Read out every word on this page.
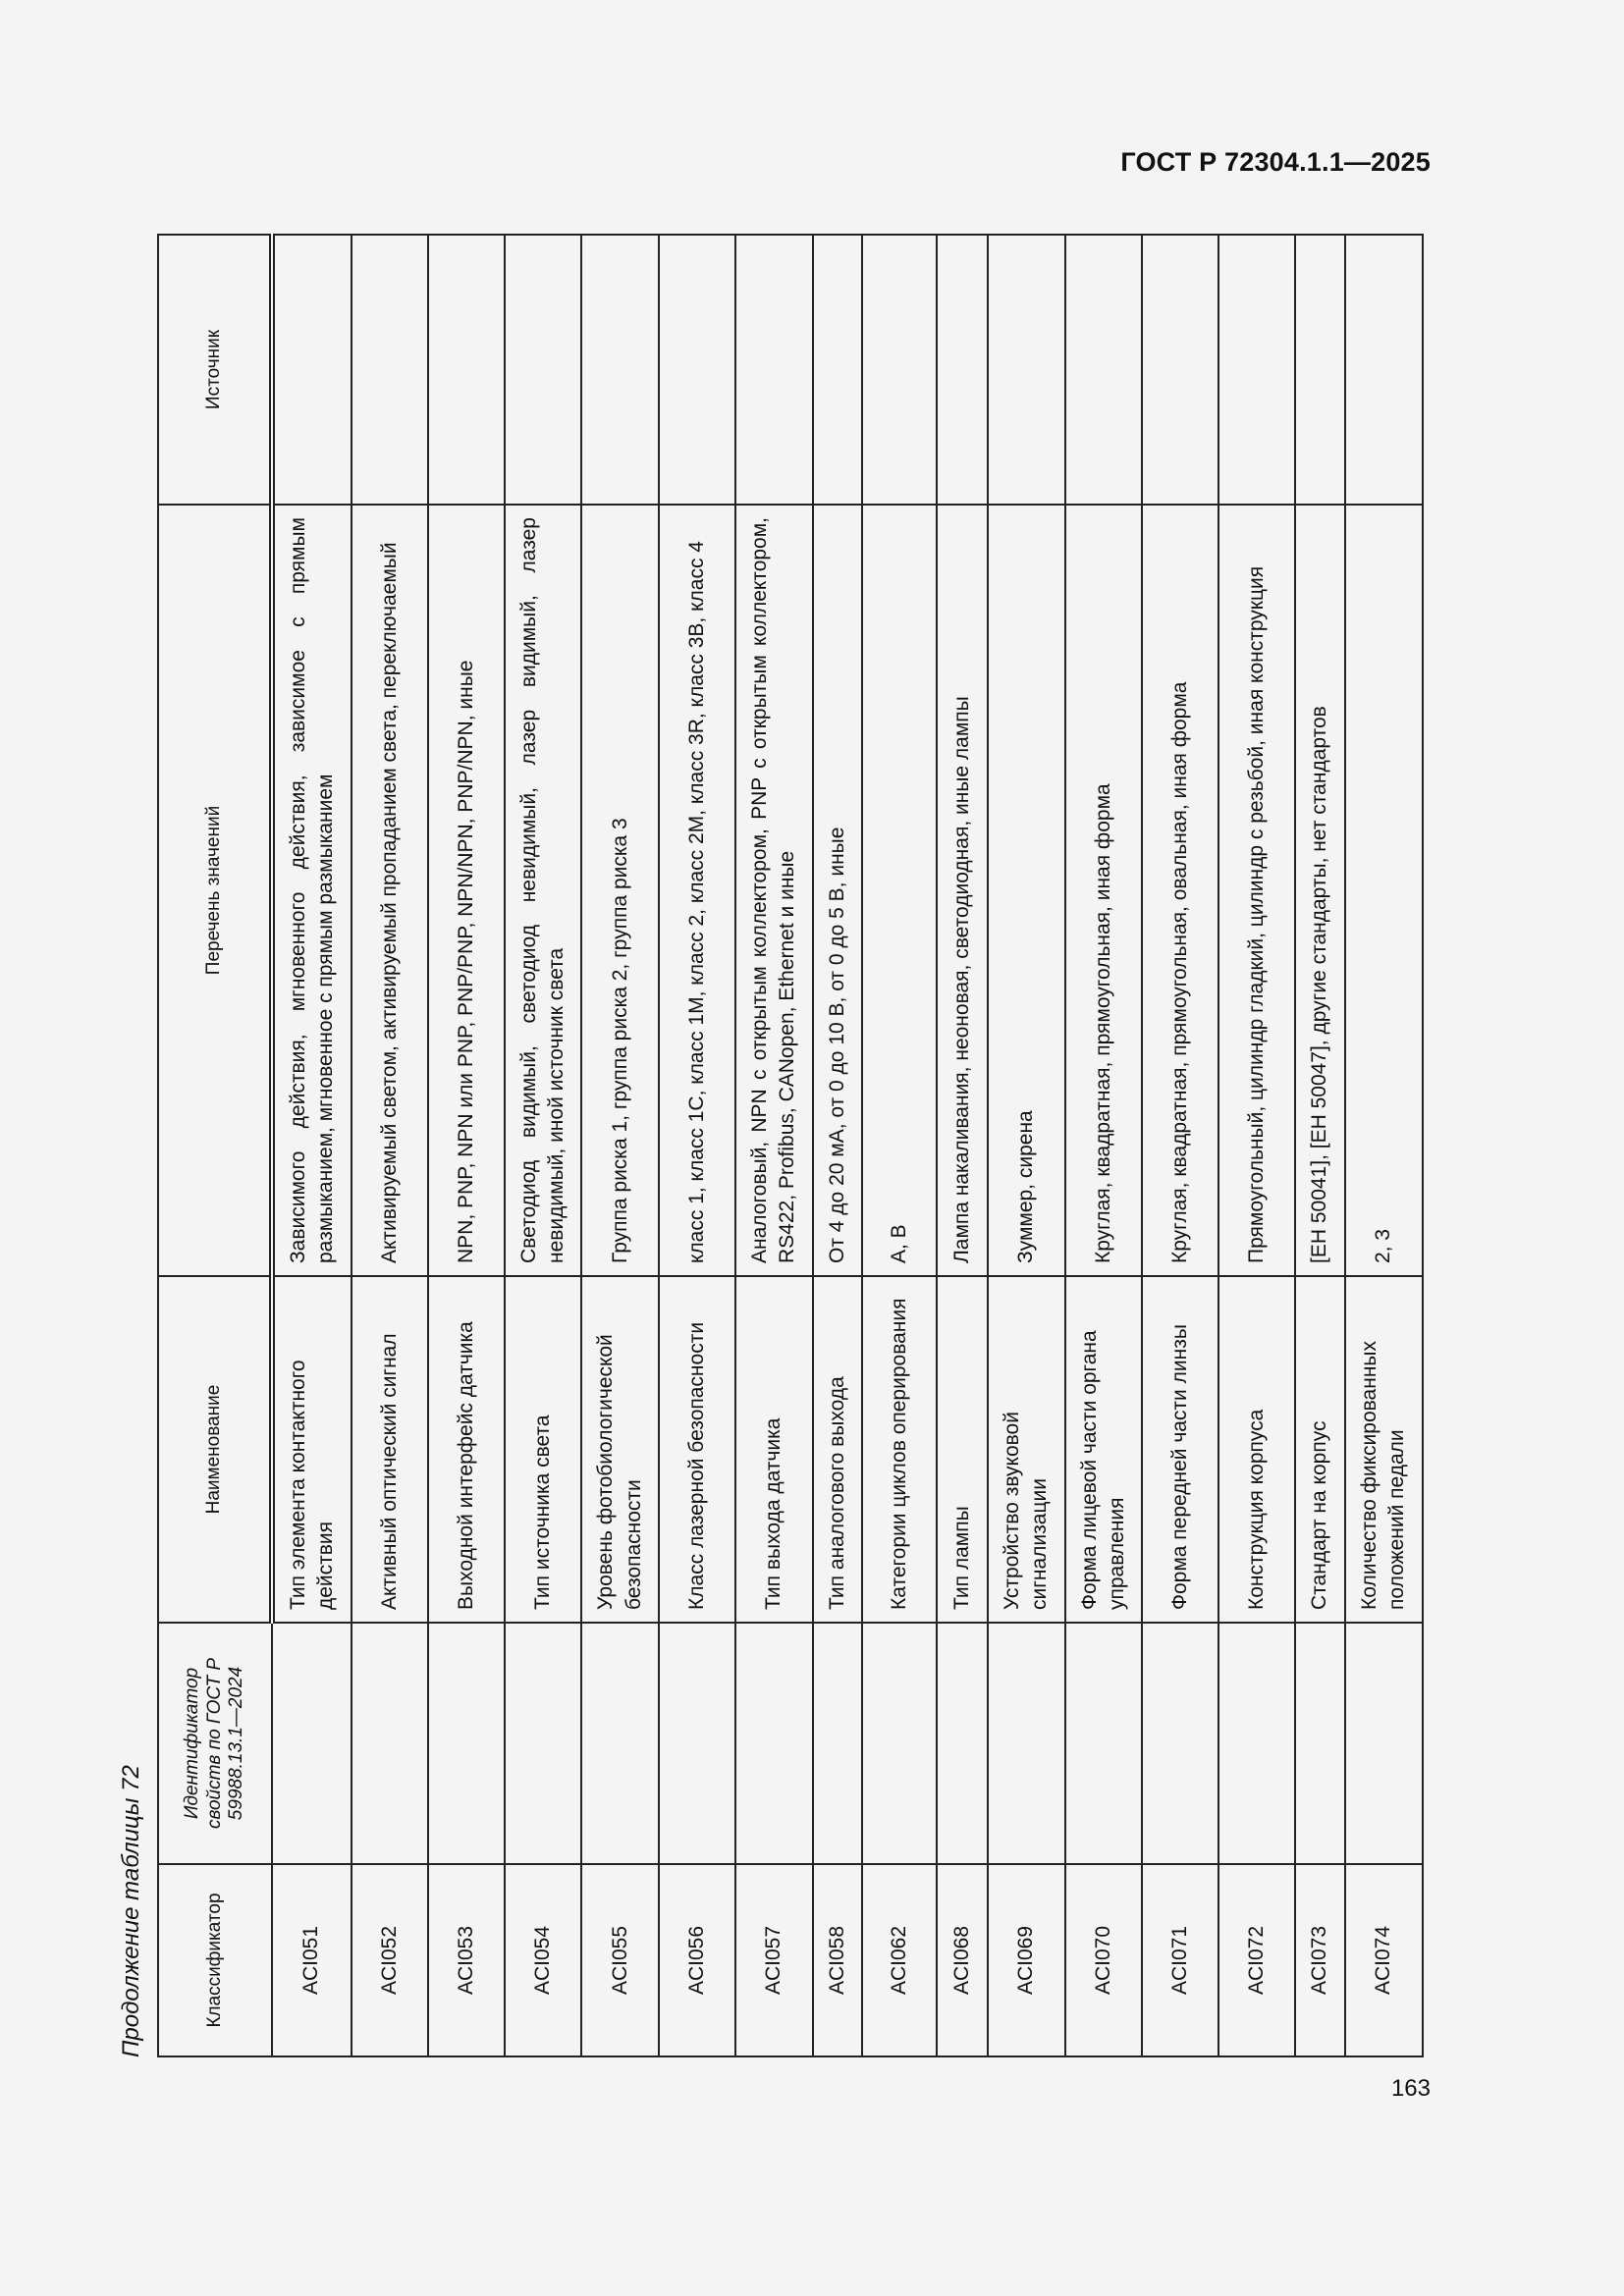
ГОСТ Р 72304.1.1—2025
Продолжение таблицы 72	Классификатор	Идентификатор свойств по ГОСТ Р 59988.13.1—2024	Наименование	Перечень значений	Источник
ACI051		Тип элемента контактного действия	Зависимого действия, мгновенного действия, зависимое с прямым размыканием, мгновенное с прямым размыканием	
ACI052		Активный оптический сигнал	Активируемый светом, активируемый пропаданием света, переключаемый	
ACI053		Выходной интерфейс датчика	NPN, PNP, NPN или PNP, PNP/PNP, NPN/NPN, PNP/NPN, иные	
ACI054		Тип источника света	Светодиод видимый, светодиод невидимый, лазер видимый, лазер невидимый, иной источник света	
ACI055		Уровень фотобиологической безопасности	Группа риска 1, группа риска 2, группа риска 3	
ACI056		Класс лазерной безопасности	класс 1, класс 1С, класс 1М, класс 2, класс 2М, класс 3R, класс 3В, класс 4	
ACI057		Тип выхода датчика	Аналоговый, NPN с открытым коллектором, PNP с открытым коллектором, RS422, Profibus, CANopen, Ethernet и иные	
ACI058		Тип аналогового выхода	От 4 до 20 мА, от 0 до 10 В, от 0 до 5 В, иные	
ACI062		Категории циклов оперирования	A, B	
ACI068		Тип лампы	Лампа накаливания, неоновая, светодиодная, иные лампы	
ACI069		Устройство звуковой сигнализации	Зуммер, сирена	
ACI070		Форма лицевой части органа управления	Круглая, квадратная, прямоугольная, иная форма	
ACI071		Форма передней части линзы	Круглая, квадратная, прямоугольная, овальная, иная форма	
ACI072		Конструкция корпуса	Прямоугольный, цилиндр гладкий, цилиндр с резьбой, иная конструкция	
ACI073		Стандарт на корпус	[ЕН 50041], [ЕН 50047], другие стандарты, нет стандартов	
ACI074		Количество фиксированных положений педали	2, 3	
163
